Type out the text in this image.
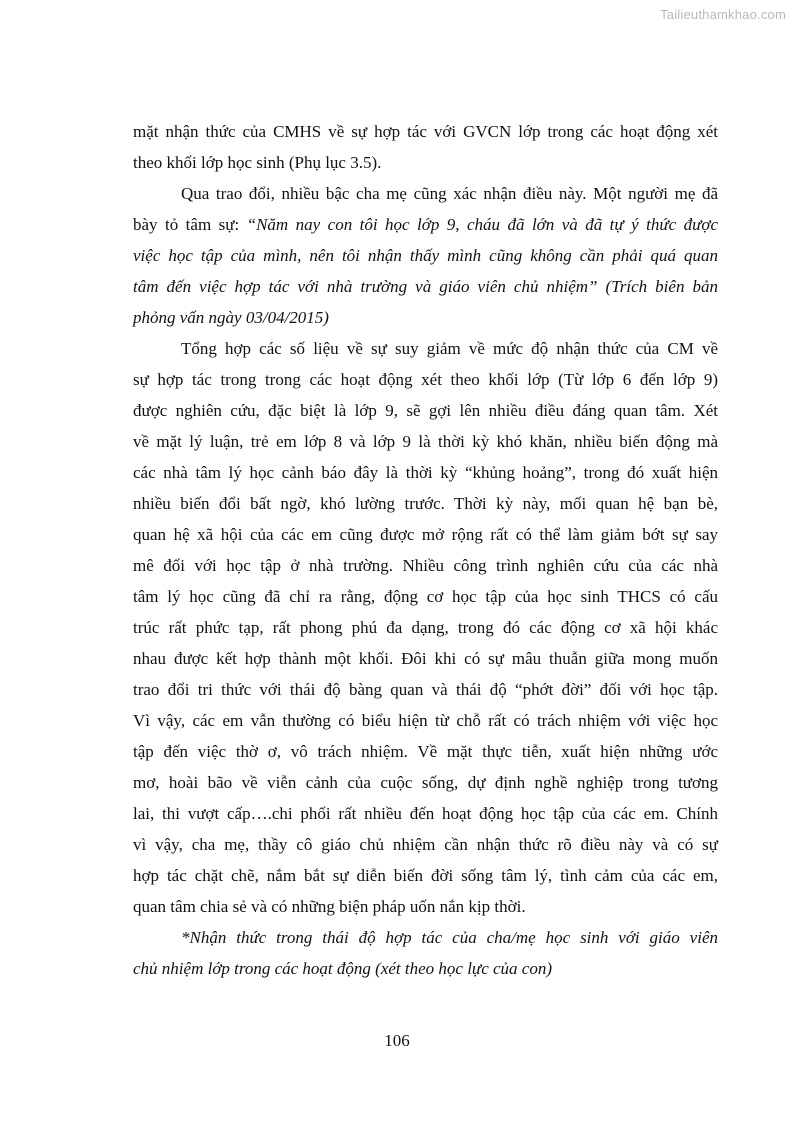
Tailieuthamkhao.com
mặt nhận thức của CMHS về sự hợp tác với GVCN lớp trong các hoạt động xét
theo khối lớp học sinh (Phụ lục 3.5).
Qua trao đổi, nhiều bậc cha mẹ cũng xác nhận điều này. Một người mẹ đã
bày tỏ tâm sự: “Năm nay con tôi học lớp 9, cháu đã lớn và đã tự ý thức được
việc học tập của mình, nên tôi nhận thấy mình cũng không cần phải quá quan
tâm đến việc hợp tác với nhà trường và giáo viên chủ nhiệm” (Trích biên bản
phỏng vấn ngày 03/04/2015)
Tổng hợp các số liệu về sự suy giảm về mức độ nhận thức của CM về
sự hợp tác trong trong các hoạt động xét theo khối lớp (Từ lớp 6 đến lớp 9)
được nghiên cứu, đặc biệt là lớp 9, sẽ gợi lên nhiều điều đáng quan tâm. Xét
về mặt lý luận, trẻ em lớp 8 và lớp 9 là thời kỳ khó khăn, nhiều biến động mà
các nhà tâm lý học cảnh báo đây là thời kỳ “khủng hoảng”, trong đó xuất hiện
nhiều biến đổi bất ngờ, khó lường trước. Thời kỳ này, mối quan hệ bạn bè,
quan hệ xã hội của các em cũng được mở rộng rất có thể làm giảm bớt sự say
mê đối với học tập ở nhà trường. Nhiều công trình nghiên cứu của các nhà
tâm lý học cũng đã chỉ ra rằng, động cơ học tập của học sinh THCS có cấu
trúc rất phức tạp, rất phong phú đa dạng, trong đó các động cơ xã hội khác
nhau được kết hợp thành một khối. Đôi khi có sự mâu thuẫn giữa mong muốn
trao đổi tri thức với thái độ bàng quan và thái độ “phớt đời” đối với học tập.
Vì vậy, các em vẫn thường có biểu hiện từ chỗ rất có trách nhiệm với việc học
tập đến việc thờ ơ, vô trách nhiệm. Về mặt thực tiễn, xuất hiện những ước
mơ, hoài bão về viễn cảnh của cuộc sống, dự định nghề nghiệp trong tương
lai, thi vượt cấp….chi phối rất nhiều đến hoạt động học tập của các em. Chính
vì vậy, cha mẹ, thầy cô giáo chủ nhiệm cần nhận thức rõ điều này và có sự
hợp tác chặt chẽ, nắm bắt sự diễn biến đời sống tâm lý, tình cảm của các em,
quan tâm chia sẻ và có những biện pháp uốn nắn kịp thời.
*Nhận thức trong thái độ hợp tác của cha/mẹ học sinh với giáo viên
chủ nhiệm lớp trong các hoạt động (xét theo học lực của con)
106
